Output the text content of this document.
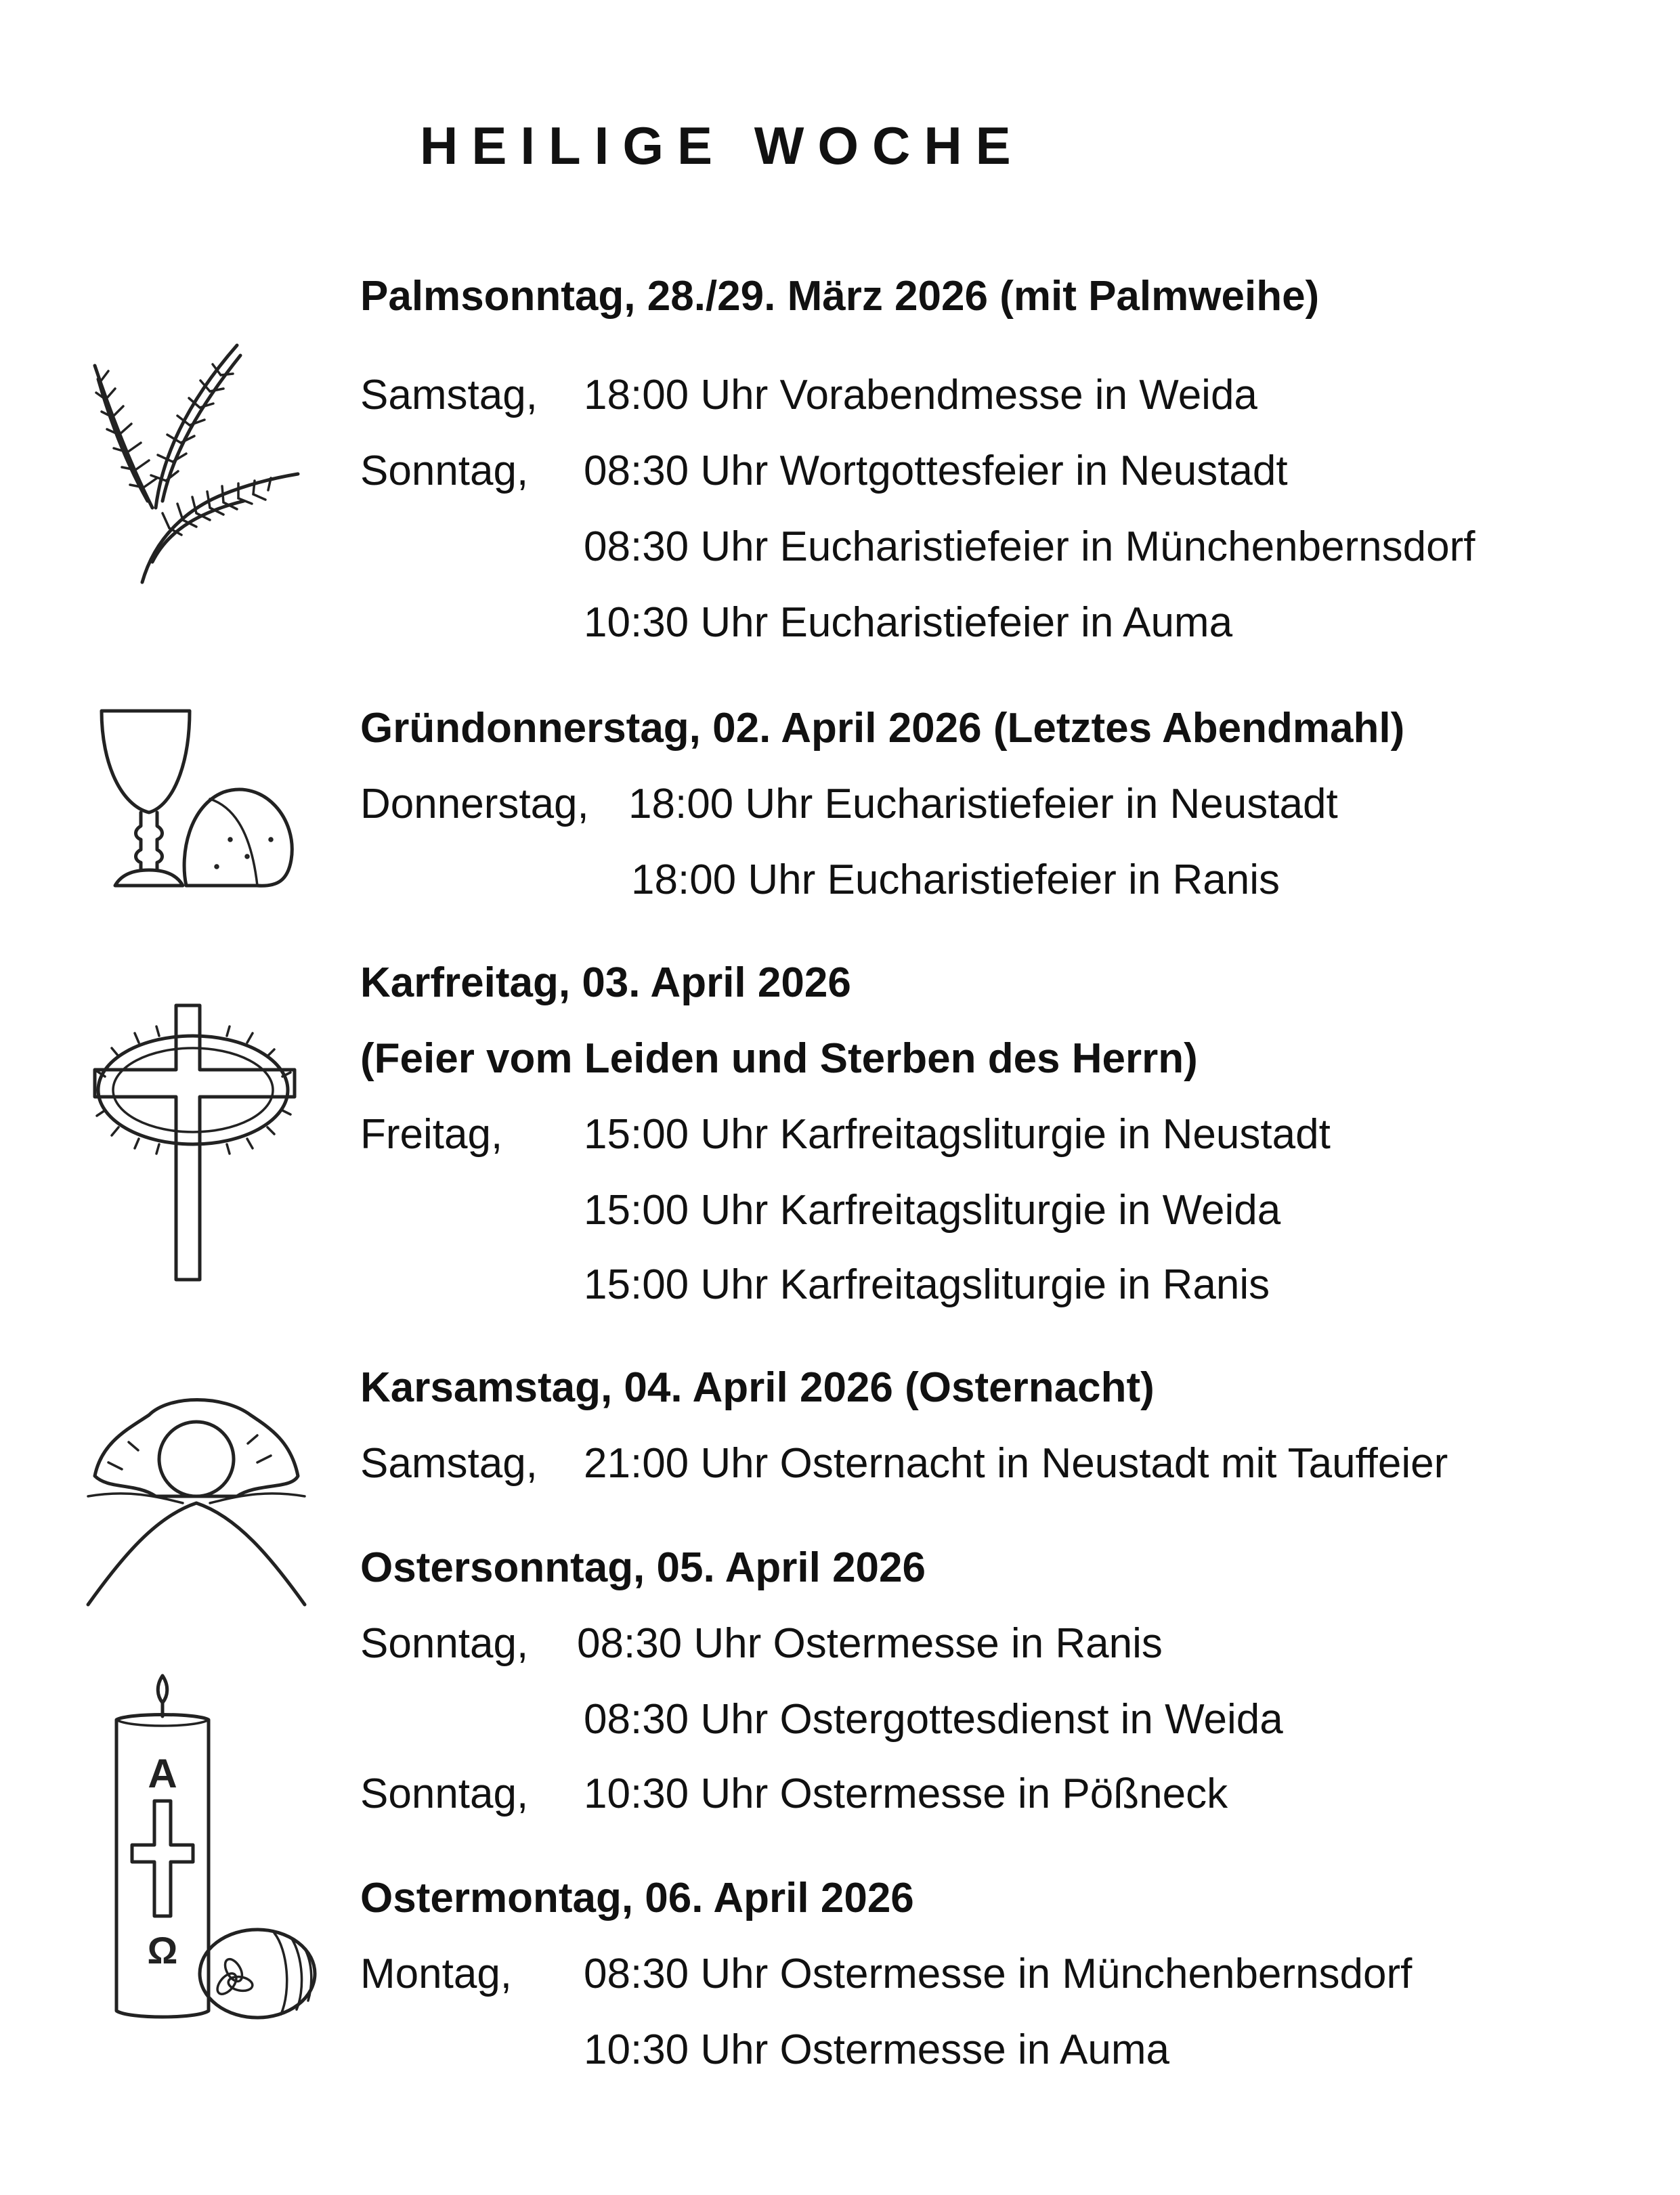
HEILIGE WOCHE
Palmsonntag, 28./29. März 2026 (mit Palmweihe)
Samstag, 18:00 Uhr Vorabendmesse in Weida
Sonntag, 08:30 Uhr Wortgottesfeier in Neustadt
08:30 Uhr Eucharistiefeier in Münchenbernsdorf
10:30 Uhr Eucharistiefeier in Auma
Gründonnerstag, 02. April 2026 (Letztes Abendmahl)
Donnerstag, 18:00 Uhr Eucharistiefeier in Neustadt
18:00 Uhr Eucharistiefeier in Ranis
Karfreitag, 03. April 2026
(Feier vom Leiden und Sterben des Herrn)
Freitag, 15:00 Uhr Karfreitagsliturgie in Neustadt
15:00 Uhr Karfreitagsliturgie in Weida
15:00 Uhr Karfreitagsliturgie in Ranis
Karsamstag, 04. April 2026 (Osternacht)
Samstag, 21:00 Uhr Osternacht in Neustadt mit Tauffeier
Ostersonntag, 05. April 2026
Sonntag, 08:30 Uhr Ostermesse in Ranis
08:30 Uhr Ostergottesdienst in Weida
Sonntag, 10:30 Uhr Ostermesse in Pößneck
Ostermontag, 06. April 2026
Montag, 08:30 Uhr Ostermesse in Münchenbernsdorf
10:30 Uhr Ostermesse in Auma
A
Ω
